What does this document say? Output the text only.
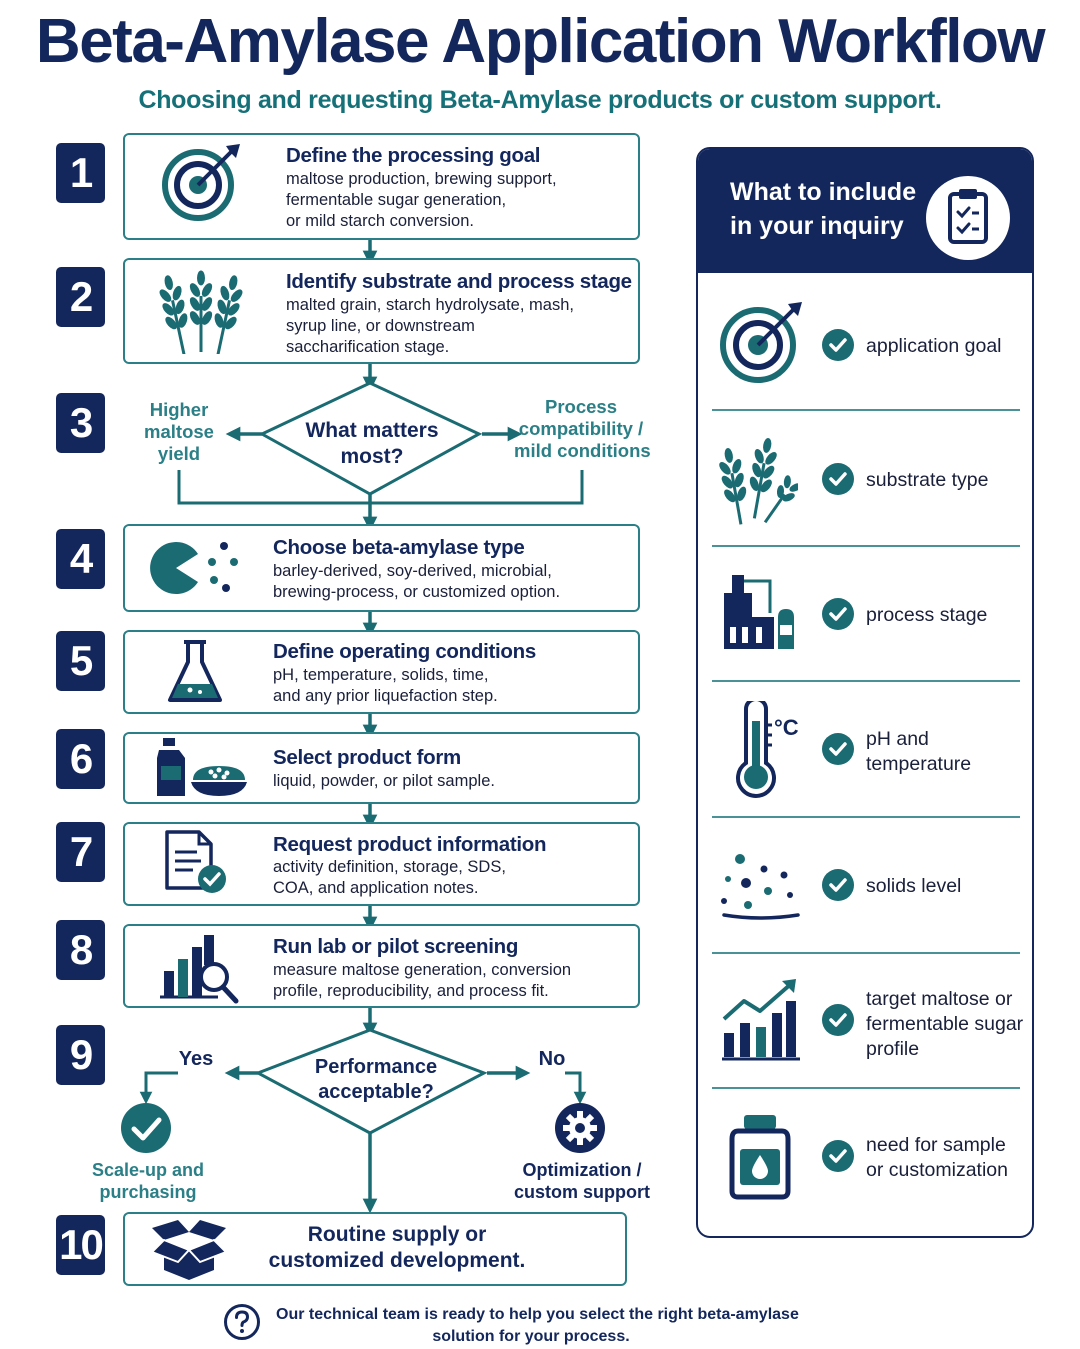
Beta-Amylase Application Workflow
Choosing and requesting Beta-Amylase products or custom support.
1
2
3
4
5
6
7
8
9
10
Define the processing goal
maltose production, brewing support,
fermentable sugar generation,
or mild starch conversion.
Identify substrate and process stage
malted grain, starch hydrolysate, mash,
syrup line, or downstream
saccharification stage.
Higher
maltose
yield
What matters
most?
Process
compatibility /
mild conditions
Choose beta-amylase type
barley-derived, soy-derived, microbial,
brewing-process, or customized option.
Define operating conditions
pH, temperature, solids, time,
and any prior liquefaction step.
Select product form
liquid, powder, or pilot sample.
Request product information
activity definition, storage, SDS,
COA, and application notes.
Run lab or pilot screening
measure maltose generation, conversion
profile, reproducibility, and process fit.
Performance
acceptable?
Yes	No
Scale-up and
purchasing
Optimization /
custom support
Routine supply or
customized development.
What to include
in your inquiry
application goal
substrate type
process stage
°C	pH and
temperature
solids level
target maltose or
fermentable sugar
profile
need for sample
or customization
Our technical team is ready to help you select the right beta-amylase
solution for your process.
